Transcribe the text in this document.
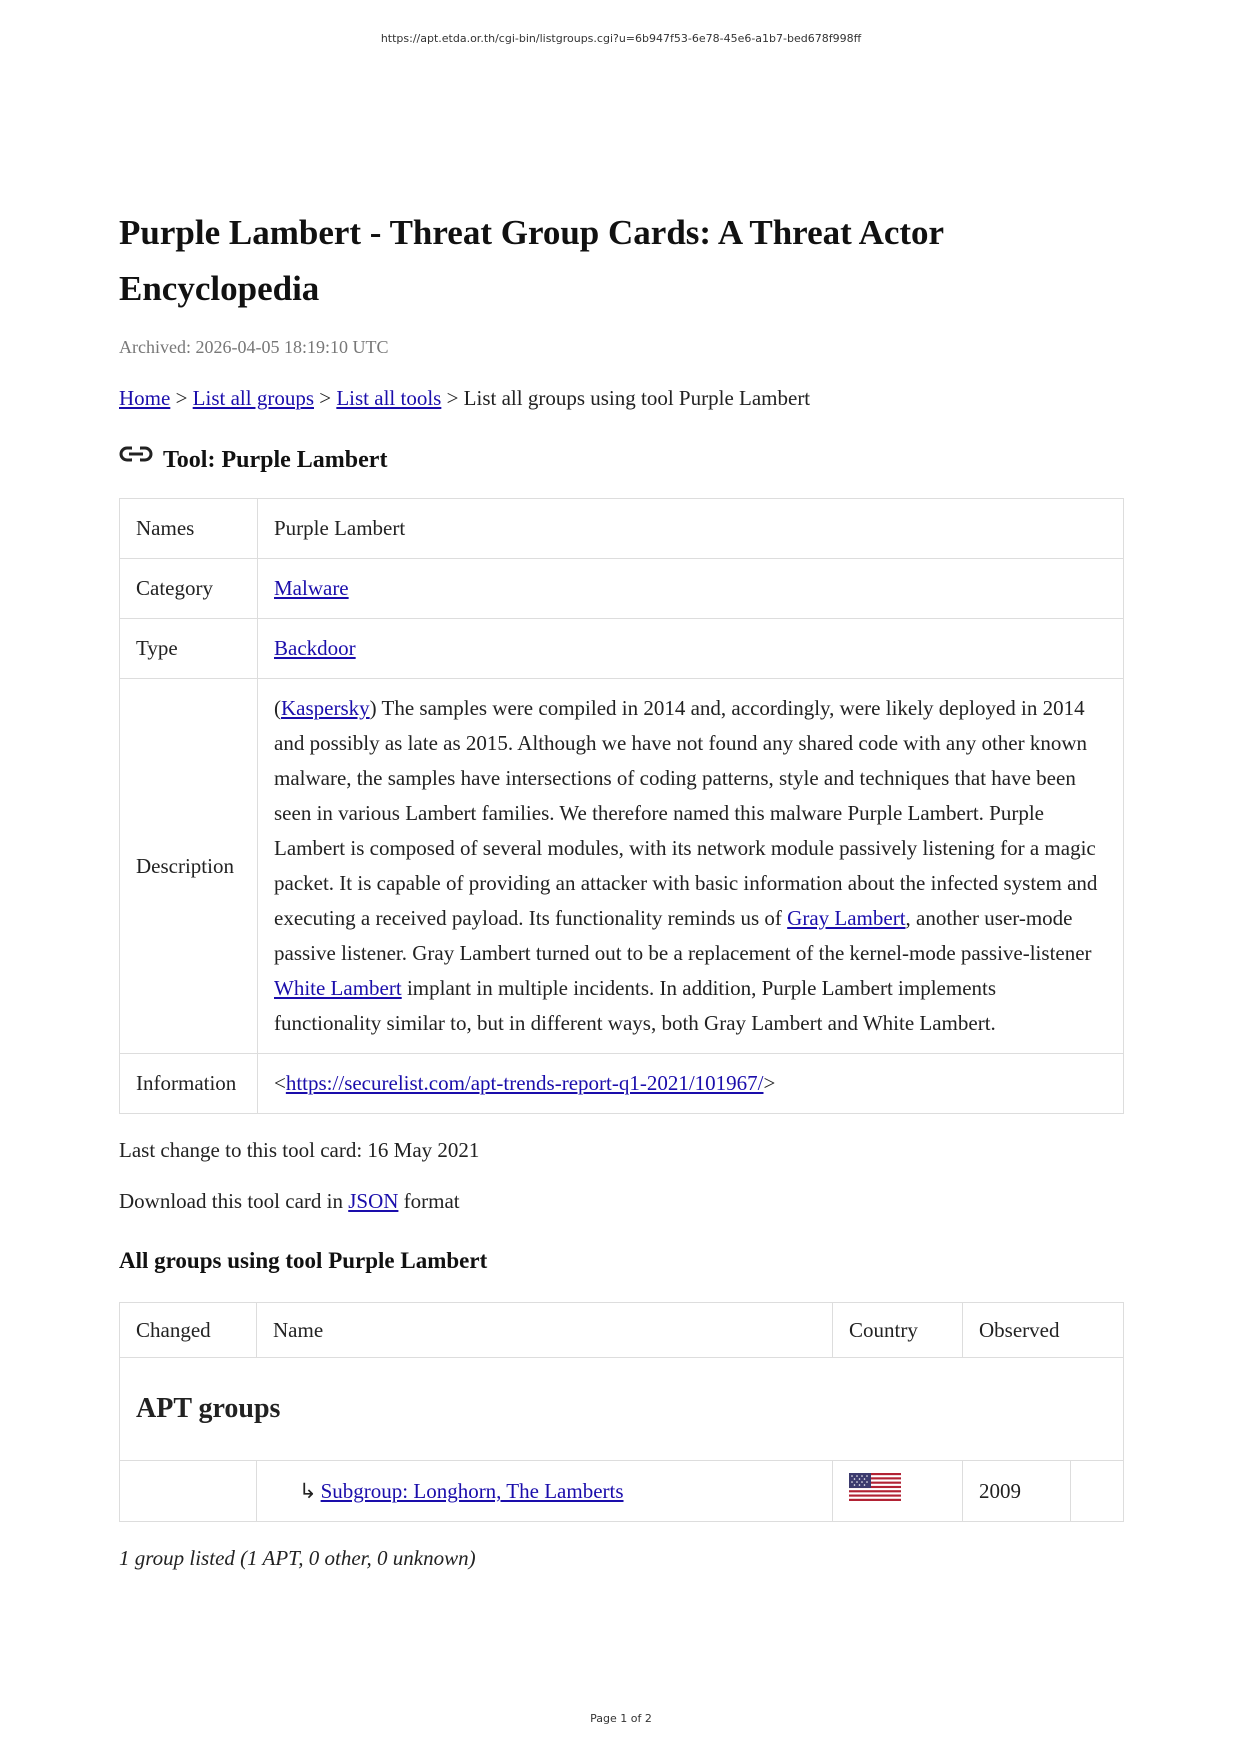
https://apt.etda.or.th/cgi-bin/listgroups.cgi?u=6b947f53-6e78-45e6-a1b7-bed678f998ff
Purple Lambert - Threat Group Cards: A Threat Actor Encyclopedia
Archived: 2026-04-05 18:19:10 UTC
Home > List all groups > List all tools > List all groups using tool Purple Lambert
Tool: Purple Lambert
Names	Purple Lambert
Category	Malware
Type	Backdoor
Description	(Kaspersky) The samples were compiled in 2014 and, accordingly, were likely deployed in 2014 and possibly as late as 2015. Although we have not found any shared code with any other known malware, the samples have intersections of coding patterns, style and techniques that have been seen in various Lambert families. We therefore named this malware Purple Lambert. Purple Lambert is composed of several modules, with its network module passively listening for a magic packet. It is capable of providing an attacker with basic information about the infected system and executing a received payload. Its functionality reminds us of Gray Lambert, another user-mode passive listener. Gray Lambert turned out to be a replacement of the kernel-mode passive-listener White Lambert implant in multiple incidents. In addition, Purple Lambert implements functionality similar to, but in different ways, both Gray Lambert and White Lambert.
Information	<https://securelist.com/apt-trends-report-q1-2021/101967/>
Last change to this tool card: 16 May 2021
Download this tool card in JSON format
All groups using tool Purple Lambert
Changed	Name	Country	Observed	
APT groups				
	↳ Subgroup: Longhorn, The Lamberts		2009	
1 group listed (1 APT, 0 other, 0 unknown)
Page 1 of 2
